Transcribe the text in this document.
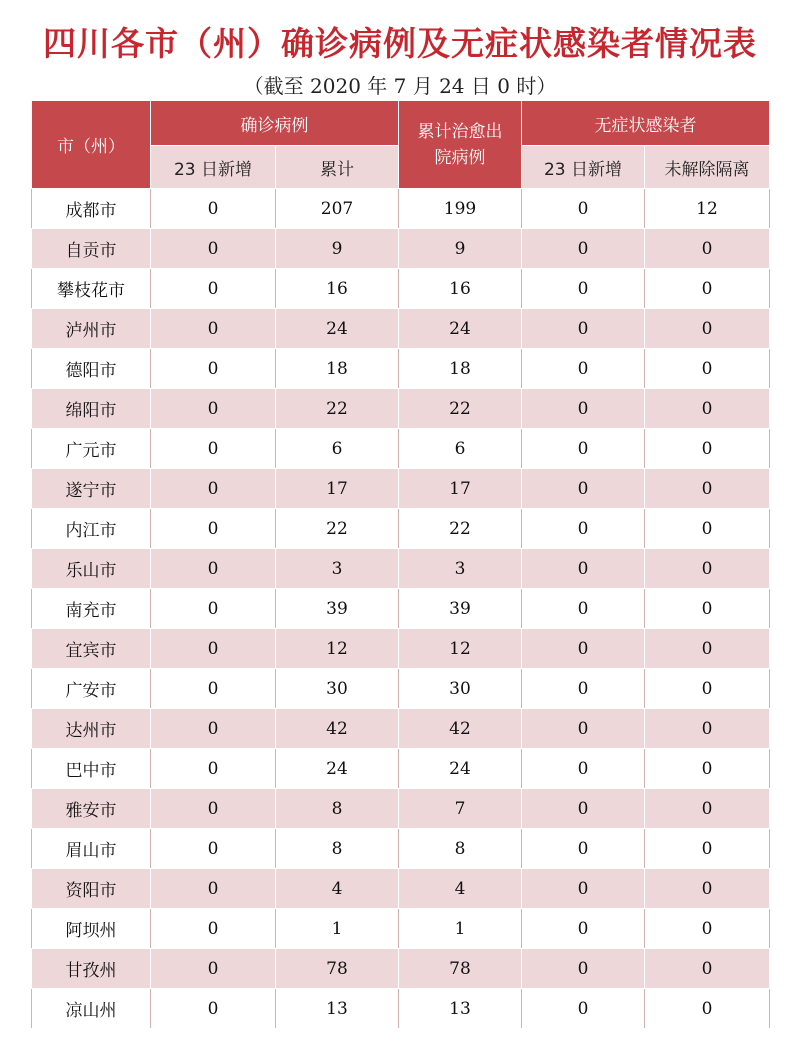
四川各市（州）确诊病例及无症状感染者情况表
（截至 2020 年 7 月 24 日 0 时）
市（州）	确诊病例		累计治愈出院病例	无症状感染者	
	23 日新增	累计		23 日新增	未解除隔离
成都市	0	207	199	0	12
自贡市	0	9	9	0	0
攀枝花市	0	16	16	0	0
泸州市	0	24	24	0	0
德阳市	0	18	18	0	0
绵阳市	0	22	22	0	0
广元市	0	6	6	0	0
遂宁市	0	17	17	0	0
内江市	0	22	22	0	0
乐山市	0	3	3	0	0
南充市	0	39	39	0	0
宜宾市	0	12	12	0	0
广安市	0	30	30	0	0
达州市	0	42	42	0	0
巴中市	0	24	24	0	0
雅安市	0	8	7	0	0
眉山市	0	8	8	0	0
资阳市	0	4	4	0	0
阿坝州	0	1	1	0	0
甘孜州	0	78	78	0	0
凉山州	0	13	13	0	0
